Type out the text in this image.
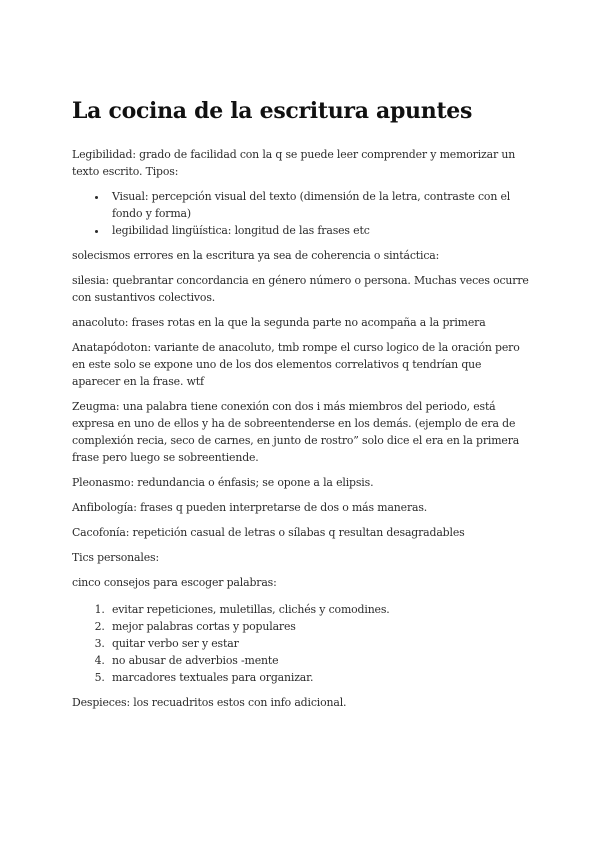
La cocina de la escritura apuntes

Legibilidad: grado de facilidad con la q se puede leer comprender y memorizar un texto escrito. Tipos:

• Visual: percepción visual del texto (dimensión de la letra, contraste con el fondo y forma)
• legibilidad lingüística: longitud de las frases etc

solecismos errores en la escritura ya sea de coherencia o sintáctica:

silesia: quebrantar concordancia en género número o persona. Muchas veces ocurre con sustantivos colectivos.

anacoluto: frases rotas en la que la segunda parte no acompaña a la primera

Anatapódoton: variante de anacoluto, tmb rompe el curso logico de la oración pero en este solo se expone uno de los dos elementos correlativos q tendrían que aparecer en la frase. wtf

Zeugma: una palabra tiene conexión con dos i más miembros del periodo, está expresa en uno de ellos y ha de sobreentenderse en los demás. (ejemplo de era de complexión recia, seco de carnes, en junto de rostro” solo dice el era en la primera frase pero luego se sobreentiende.

Pleonasmo: redundancia o énfasis; se opone a la elipsis.

Anfibología: frases q pueden interpretarse de dos o más maneras.

Cacofonía: repetición casual de letras o sílabas q resultan desagradables

Tics personales:

cinco consejos para escoger palabras:

1. evitar repeticiones, muletillas, clichés y comodines.
2. mejor palabras cortas y populares
3. quitar verbo ser y estar
4. no abusar de adverbios -mente
5. marcadores textuales para organizar.

Despieces: los recuadritos estos con info adicional.
